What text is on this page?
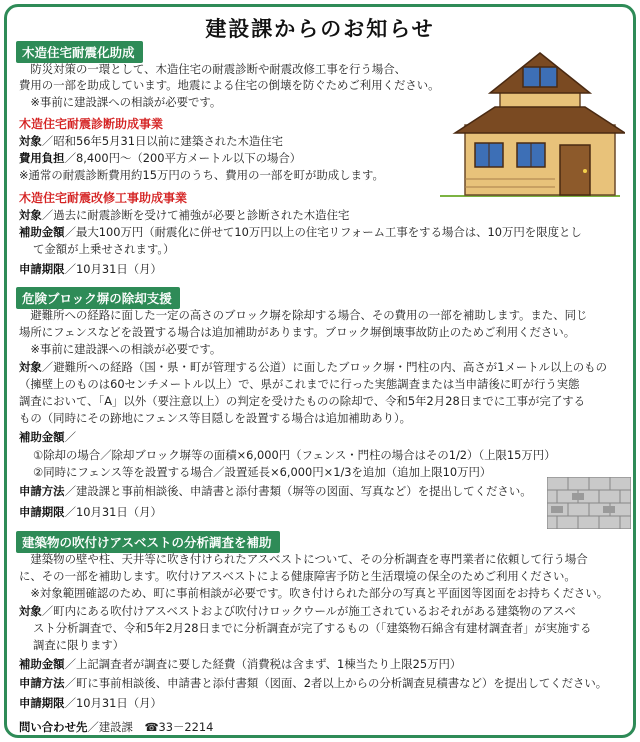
建設課からのお知らせ
木造住宅耐震化助成
　防災対策の一環として、木造住宅の耐震診断や耐震改修工事を行う場合、
費用の一部を助成しています。地震による住宅の倒壊を防ぐためご利用ください。
　※事前に建設課への相談が必要です。
木造住宅耐震診断助成事業
対象／昭和56年5月31日以前に建築された木造住宅
費用負担／8,400円～（200平方メートル以下の場合）
※通常の耐震診断費用約15万円のうち、費用の一部を町が助成します。
木造住宅耐震改修工事助成事業
対象／過去に耐震診断を受けて補強が必要と診断された木造住宅
補助金額／最大100万円（耐震化に併せて10万円以上の住宅リフォーム工事をする場合は、10万円を限度とし
て金額が上乗せされます。）
申請期限／10月31日（月）
危険ブロック塀の除却支援
　避難所への経路に面した一定の高さのブロック塀を除却する場合、その費用の一部を補助します。また、同じ
場所にフェンスなどを設置する場合は追加補助があります。ブロック塀倒壊事故防止のためご利用ください。
　※事前に建設課への相談が必要です。
対象／避難所への経路（国・県・町が管理する公道）に面したブロック塀・門柱の内、高さが1メートル以上のもの
（擁壁上のものは60センチメートル以上）で、県がこれまでに行った実態調査または当申請後に町が行う実態
調査において、「A」以外（要注意以上）の判定を受けたものの除却で、令和5年2月28日までに工事が完了する
もの（同時にその跡地にフェンス等目隠しを設置する場合は追加補助あり）。
補助金額／
①除却の場合／除却ブロック塀等の面積×6,000円（フェンス・門柱の場合はその1/2）（上限15万円）
②同時にフェンス等を設置する場合／設置延長×6,000円×1/3を追加（追加上限10万円）
申請方法／建設課と事前相談後、申請書と添付書類（塀等の図面、写真など）を提出してください。
申請期限／10月31日（月）
建築物の吹付けアスベストの分析調査を補助
　建築物の壁や柱、天井等に吹き付けられたアスベストについて、その分析調査を専門業者に依頼して行う場合
に、その一部を補助します。吹付けアスベストによる健康障害予防と生活環境の保全のためご利用ください。
　※対象範囲確認のため、町に事前相談が必要です。吹き付けられた部分の写真と平面図等図面をお持ちください。
対象／町内にある吹付けアスベストおよび吹付けロックウールが施工されているおそれがある建築物のアスベ
スト分析調査で、令和5年2月28日までに分析調査が完了するもの（「建築物石綿含有建材調査者」が実施する
調査に限ります）
補助金額／上記調査者が調査に要した経費（消費税は含まず、1棟当たり上限25万円）
申請方法／町に事前相談後、申請書と添付書類（図面、2者以上からの分析調査見積書など）を提出してください。
申請期限／10月31日（月）
問い合わせ先／建設課　☎33－2214
